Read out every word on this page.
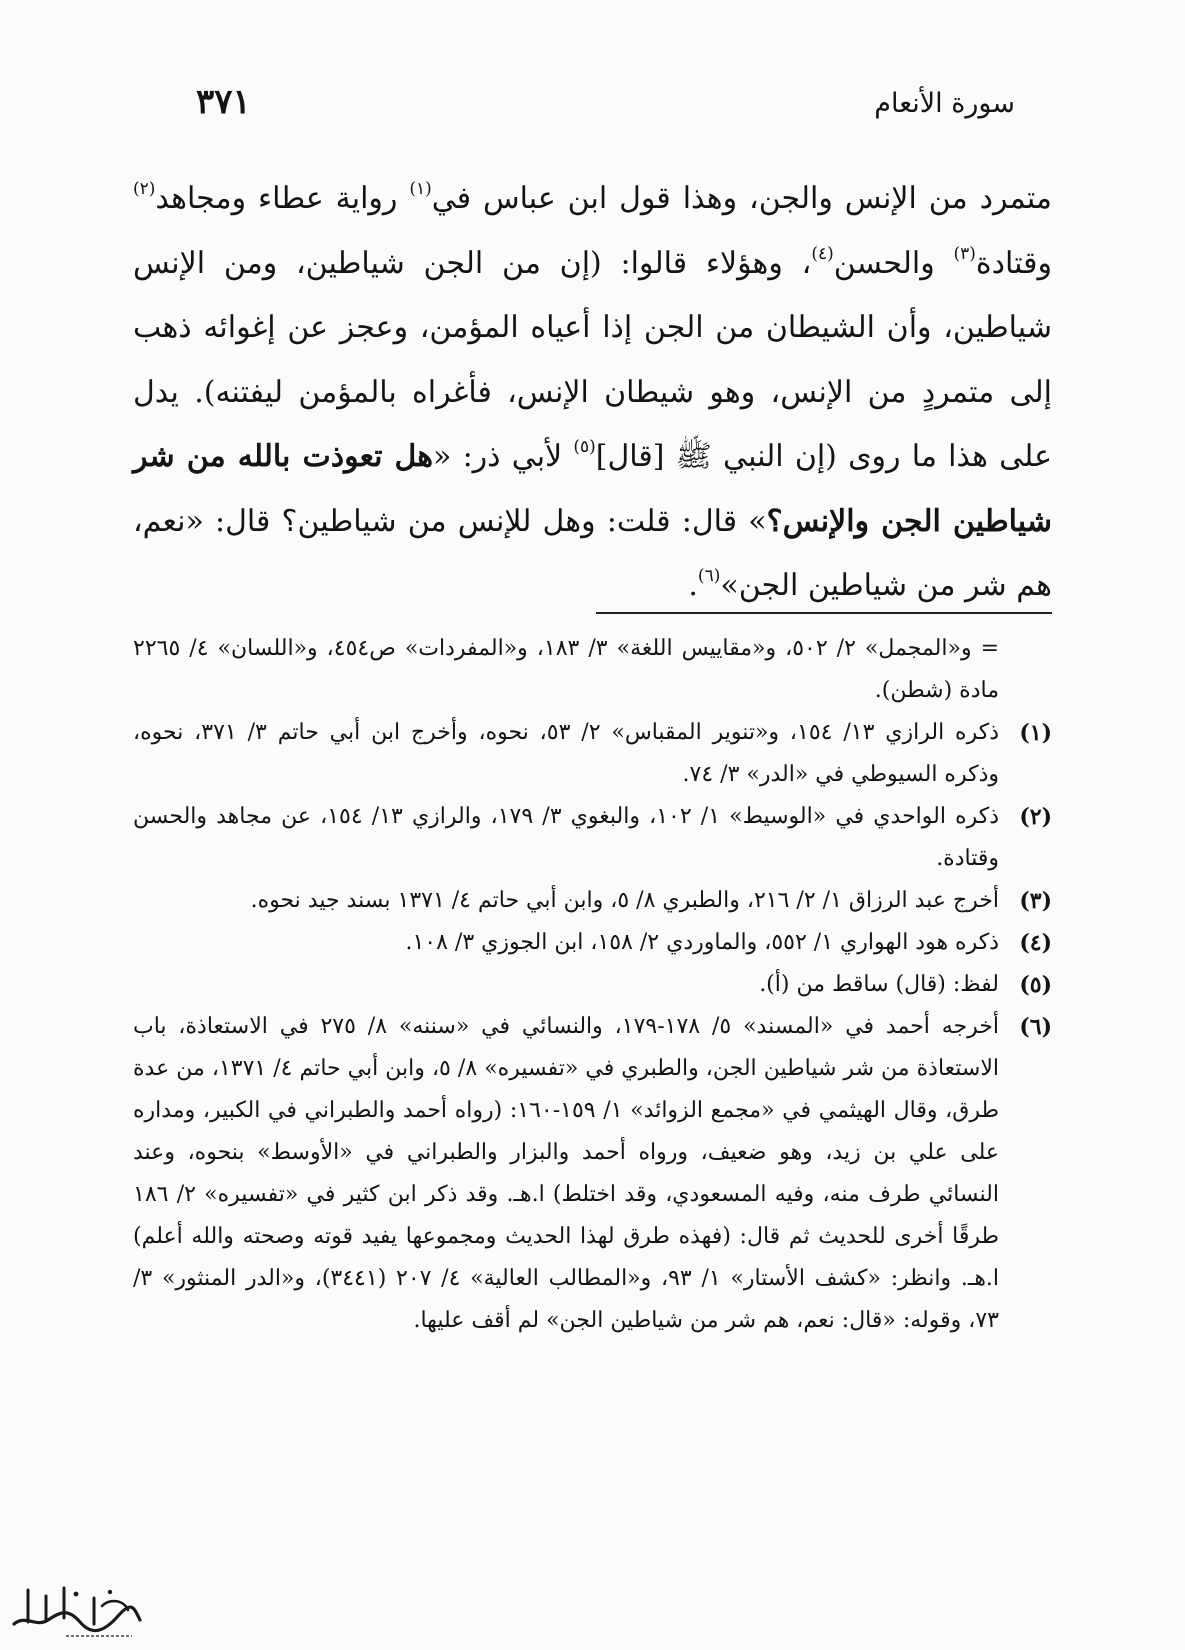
سورة الأنعام
٣٧١

متمرد من الإنس والجن، وهذا قول ابن عباس في$^{(١)}$ رواية عطاء ومجاهد$^{(٢)}$ وقتادة$^{(٣)}$ والحسن$^{(٤)}$، وهؤلاء قالوا: (إن من الجن شياطين، ومن الإنس شياطين، وأن الشيطان من الجن إذا أعياه المؤمن، وعجز عن إغوائه ذهب إلى متمردٍ من الإنس، وهو شيطان الإنس، فأغراه بالمؤمن ليفتنه). يدل على هذا ما روى (إن النبي ﷺ [قال]$^{(٥)}$ لأبي ذر: «هل تعوذت بالله من شر شياطين الجن والإنس؟» قال: قلت: وهل للإنس من شياطين؟ قال: «نعم، هم شر من شياطين الجن»$^{(٦)}$.

= و«المجمل» ٢/ ٥٠٢، و«مقاييس اللغة» ٣/ ١٨٣، و«المفردات» ص٤٥٤، و«اللسان» ٤/ ٢٢٦٥ مادة (شطن).
(١)
ذكره الرازي ١٣/ ١٥٤، و«تنوير المقباس» ٢/ ٥٣، نحوه، وأخرج ابن أبي حاتم ٣/ ٣٧١، نحوه، وذكره السيوطي في «الدر» ٣/ ٧٤.
(٢)
ذكره الواحدي في «الوسيط» ١/ ١٠٢، والبغوي ٣/ ١٧٩، والرازي ١٣/ ١٥٤، عن مجاهد والحسن وقتادة.
(٣)
أخرج عبد الرزاق ١/ ٢/ ٢١٦، والطبري ٨/ ٥، وابن أبي حاتم ٤/ ١٣٧١ بسند جيد نحوه.
(٤)
ذكره هود الهواري ١/ ٥٥٢، والماوردي ٢/ ١٥٨، ابن الجوزي ٣/ ١٠٨.
(٥)
لفظ: (قال) ساقط من (أ).
(٦)
أخرجه أحمد في «المسند» ٥/ ١٧٨-١٧٩، والنسائي في «سننه» ٨/ ٢٧٥ في الاستعاذة، باب الاستعاذة من شر شياطين الجن، والطبري في «تفسيره» ٨/ ٥، وابن أبي حاتم ٤/ ١٣٧١، من عدة طرق، وقال الهيثمي في «مجمع الزوائد» ١/ ١٥٩-١٦٠: (رواه أحمد والطبراني في الكبير، ومداره على علي بن زيد، وهو ضعيف، ورواه أحمد والبزار والطبراني في «الأوسط» بنحوه، وعند النسائي طرف منه، وفيه المسعودي، وقد اختلط) ا.هـ. وقد ذكر ابن كثير في «تفسيره» ٢/ ١٨٦ طرقًا أخرى للحديث ثم قال: (فهذه طرق لهذا الحديث ومجموعها يفيد قوته وصحته والله أعلم) ا.هـ. وانظر: «كشف الأستار» ١/ ٩٣، و«المطالب العالية» ٤/ ٢٠٧ (٣٤٤١)، و«الدر المنثور» ٣/ ٧٣، وقوله: «قال: نعم، هم شر من شياطين الجن» لم أقف عليها.
